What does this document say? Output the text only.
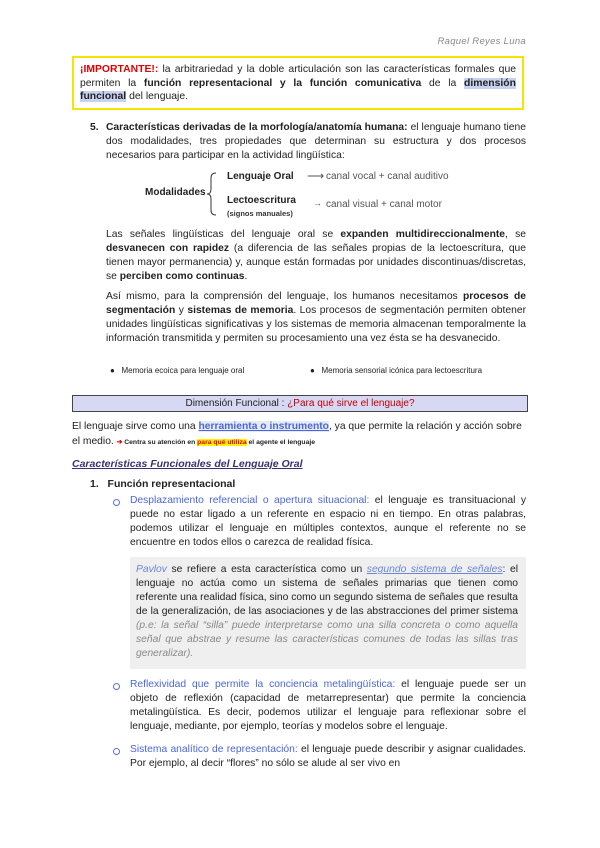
Raquel Reyes Luna
¡IMPORTANTE!: la arbitrariedad y la doble articulación son las características formales que permiten la función representacional y la función comunicativa de la dimensión funcional del lenguaje.
5. Características derivadas de la morfología/anatomía humana: el lenguaje humano tiene dos modalidades, tres propiedades que determinan su estructura y dos procesos necesarios para participar en la actividad lingüística:
Modalidades
Lenguaje Oral ⟶ canal vocal + canal auditivo
Lectoescritura
(signos manuales)
→ canal visual + canal motor
Las señales lingüísticas del lenguaje oral se expanden multidireccionalmente, se desvanecen con rapidez (a diferencia de las señales propias de la lectoescritura, que tienen mayor permanencia) y, aunque están formadas por unidades discontinuas/discretas, se perciben como continuas.
Así mismo, para la comprensión del lenguaje, los humanos necesitamos procesos de segmentación y sistemas de memoria. Los procesos de segmentación permiten obtener unidades lingüísticas significativas y los sistemas de memoria almacenan temporalmente la información transmitida y permiten su procesamiento una vez ésta se ha desvanecido.
● Memoria ecoica para lenguaje oral	● Memoria sensorial icónica para lectoescritura
Dimensión Funcional : ¿Para qué sirve el lenguaje?
El lenguaje sirve como una herramienta o instrumento, ya que permite la relación y acción sobre el medio. ➔ Centra su atención en para qué utiliza el agente el lenguaje
Características Funcionales del Lenguaje Oral
1. Función representacional
Desplazamiento referencial o apertura situacional: el lenguaje es transituacional y puede no estar ligado a un referente en espacio ni en tiempo. En otras palabras, podemos utilizar el lenguaje en múltiples contextos, aunque el referente no se encuentre en todos ellos o carezca de realidad física.
Pavlov se refiere a esta característica como un segundo sistema de señales: el lenguaje no actúa como un sistema de señales primarias que tienen como referente una realidad física, sino como un segundo sistema de señales que resulta de la generalización, de las asociaciones y de las abstracciones del primer sistema (p.e: la señal “silla” puede interpretarse como una silla concreta o como aquella señal que abstrae y resume las características comunes de todas las sillas tras generalizar).
Reflexividad que permite la conciencia metalingüística: el lenguaje puede ser un objeto de reflexión (capacidad de metarrepresentar) que permite la conciencia metalingüística. Es decir, podemos utilizar el lenguaje para reflexionar sobre el lenguaje, mediante, por ejemplo, teorías y modelos sobre el lenguaje.
Sistema analítico de representación: el lenguaje puede describir y asignar cualidades. Por ejemplo, al decir “flores” no sólo se alude al ser vivo en
